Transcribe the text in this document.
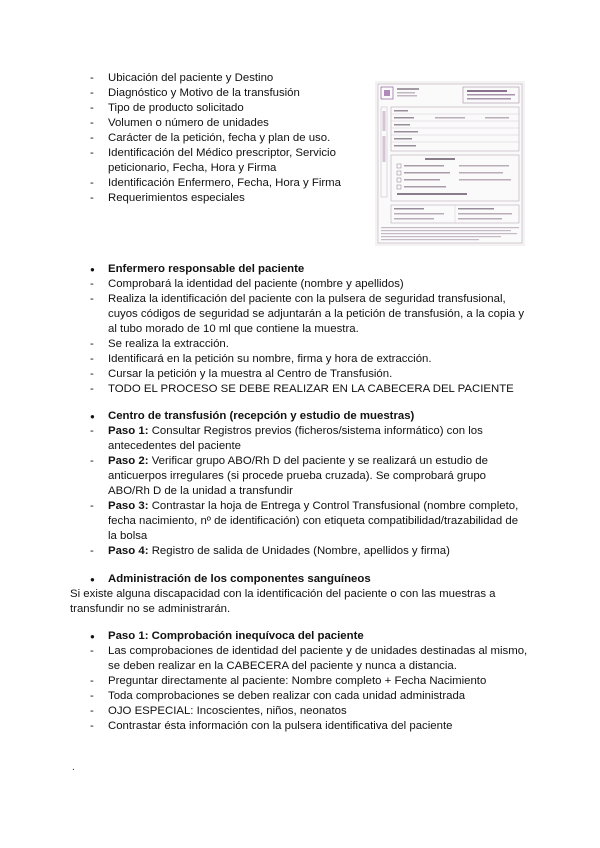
- Ubicación del paciente y Destino
- Diagnóstico y Motivo de la transfusión
- Tipo de producto solicitado
- Volumen o número de unidades
- Carácter de la petición, fecha y plan de uso.
- Identificación del Médico prescriptor, Servicio peticionario, Fecha, Hora y Firma
- Identificación Enfermero, Fecha, Hora y Firma
- Requerimientos especiales
● Enfermero responsable del paciente
- Comprobará la identidad del paciente (nombre y apellidos)
- Realiza la identificación del paciente con la pulsera de seguridad transfusional, cuyos códigos de seguridad se adjuntarán a la petición de transfusión, a la copia y al tubo morado de 10 ml que contiene la muestra.
- Se realiza la extracción.
- Identificará en la petición su nombre, firma y hora de extracción.
- Cursar la petición y la muestra al Centro de Transfusión.
- TODO EL PROCESO SE DEBE REALIZAR EN LA CABECERA DEL PACIENTE
● Centro de transfusión (recepción y estudio de muestras)
- Paso 1: Consultar Registros previos (ficheros/sistema informático) con los antecedentes del paciente
- Paso 2: Verificar grupo ABO/Rh D del paciente y se realizará un estudio de anticuerpos irregulares (si procede prueba cruzada). Se comprobará grupo ABO/Rh D de la unidad a transfundir
- Paso 3: Contrastar la hoja de Entrega y Control Transfusional (nombre completo, fecha nacimiento, nº de identificación) con etiqueta compatibilidad/trazabilidad de la bolsa
- Paso 4: Registro de salida de Unidades (Nombre, apellidos y firma)
● Administración de los componentes sanguíneos
Si existe alguna discapacidad con la identificación del paciente o con las muestras a transfundir no se administrarán.
● Paso 1: Comprobación inequívoca del paciente
- Las comprobaciones de identidad del paciente y de unidades destinadas al mismo, se deben realizar en la CABECERA del paciente y nunca a distancia.
- Preguntar directamente al paciente: Nombre completo + Fecha Nacimiento
- Toda comprobaciones se deben realizar con cada unidad administrada
- OJO ESPECIAL: Incoscientes, niños, neonatos
- Contrastar ésta información con la pulsera identificativa del paciente
.
